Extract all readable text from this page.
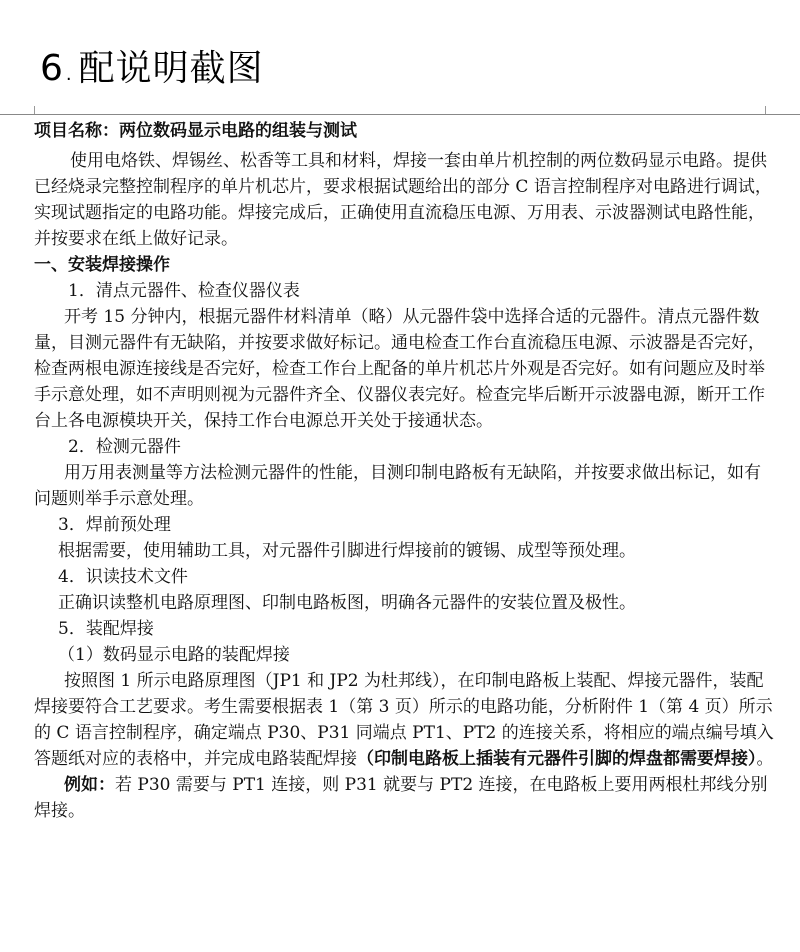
6 . 配说明截图

项目名称：两位数码显示电路的组装与测试

使用电烙铁、焊锡丝、松香等工具和材料，焊接一套由单片机控制的两位数码显示电路。提供已经烧录完整控制程序的单片机芯片，要求根据试题给出的部分 C 语言控制程序对电路进行调试，实现试题指定的电路功能。焊接完成后，正确使用直流稳压电源、万用表、示波器测试电路性能，并按要求在纸上做好记录。

一、安装焊接操作

1．清点元器件、检查仪器仪表

开考 15 分钟内，根据元器件材料清单（略）从元器件袋中选择合适的元器件。清点元器件数量，目测元器件有无缺陷，并按要求做好标记。通电检查工作台直流稳压电源、示波器是否完好，检查两根电源连接线是否完好，检查工作台上配备的单片机芯片外观是否完好。如有问题应及时举手示意处理，如不声明则视为元器件齐全、仪器仪表完好。检查完毕后断开示波器电源，断开工作台上各电源模块开关，保持工作台电源总开关处于接通状态。

2．检测元器件

用万用表测量等方法检测元器件的性能，目测印制电路板有无缺陷，并按要求做出标记，如有问题则举手示意处理。

3．焊前预处理

根据需要，使用辅助工具，对元器件引脚进行焊接前的镀锡、成型等预处理。

4．识读技术文件

正确识读整机电路原理图、印制电路板图，明确各元器件的安装位置及极性。

5．装配焊接

（1）数码显示电路的装配焊接

按照图 1 所示电路原理图（JP1 和 JP2 为杜邦线），在印制电路板上装配、焊接元器件，装配焊接要符合工艺要求。考生需要根据表 1（第 3 页）所示的电路功能，分析附件 1（第 4 页）所示的 C 语言控制程序，确定端点 P30、P31 同端点 PT1、PT2 的连接关系，将相应的端点编号填入答题纸对应的表格中，并完成电路装配焊接（印制电路板上插装有元器件引脚的焊盘都需要焊接）。

例如：若 P30 需要与 PT1 连接，则 P31 就要与 PT2 连接，在电路板上要用两根杜邦线分别焊接。
